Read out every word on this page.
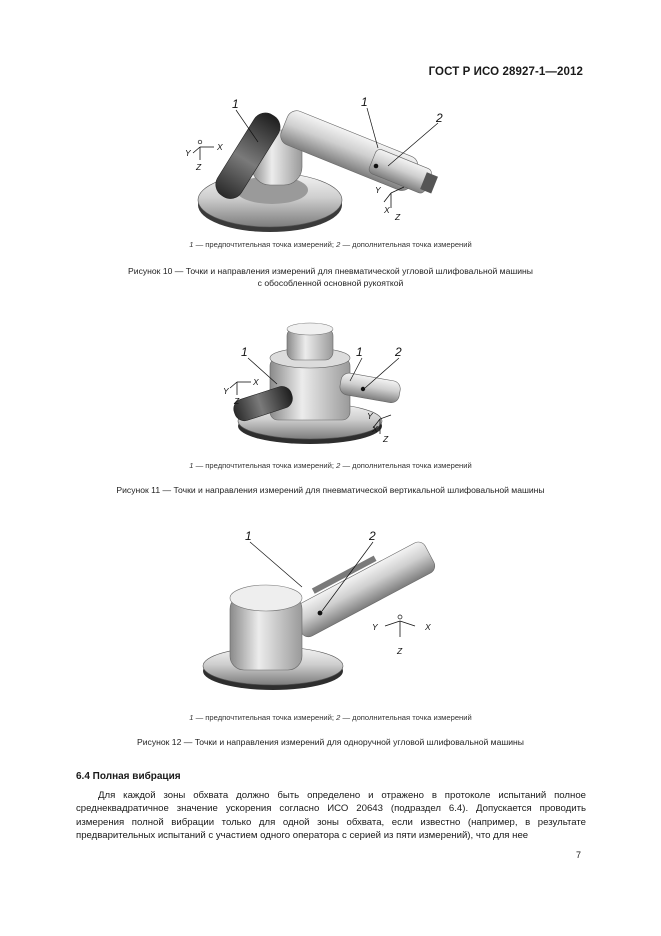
ГОСТ Р ИСО 28927-1—2012
1	1
2
Y
X
Z
Y
X
Z
1 — предпочтительная точка измерений; 2 — дополнительная точка измерений
Рисунок 10 — Точки и направления измерений для пневматической угловой шлифовальной машины
с обособленной основной рукояткой
1	1	2
Y
X
Z
Y
X
Z
1 — предпочтительная точка измерений; 2 — дополнительная точка измерений
Рисунок 11 — Точки и направления измерений для пневматической вертикальной шлифовальной машины
1	2
Y	X
Z
1 — предпочтительная точка измерений; 2 — дополнительная точка измерений
Рисунок 12 — Точки и направления измерений для одноручной угловой шлифовальной машины
6.4 Полная вибрация

Для каждой зоны обхвата должно быть определено и отражено в протоколе испытаний полное среднеквадратичное значение ускорения согласно ИСО 20643 (подраздел 6.4). Допускается проводить измерения полной вибрации только для одной зоны обхвата, если известно (например, в результате предварительных испытаний с участием одного оператора с серией из пяти измерений), что для нее

7
